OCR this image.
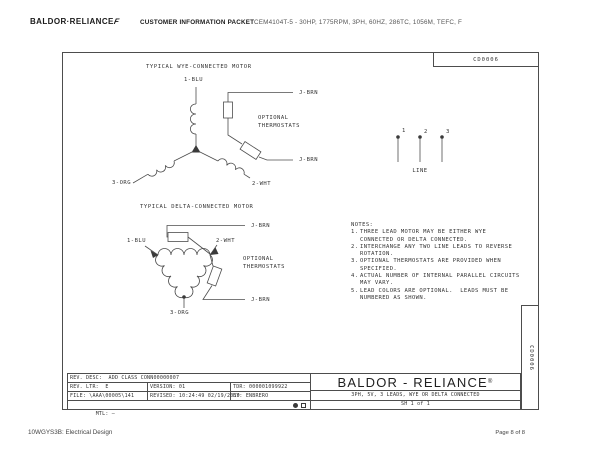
BALDOR·RELIANCEF	CUSTOMER INFORMATION PACKET CEM4104T-5 - 30HP, 1775RPM, 3PH, 60HZ, 286TC, 1056M, TEFC, F
CD0006
CD0006
TYPICAL WYE-CONNECTED MOTOR
1-BLU
J-BRN
OPTIONAL
THERMOSTATS
J-BRN
3-ORG	2-WHT
TYPICAL DELTA-CONNECTED MOTOR
J-BRN
1-BLU	2-WHT
OPTIONAL
THERMOSTATS
J-BRN
3-ORG
1	2	3
LINE
NOTES:
1. THREE LEAD MOTOR MAY BE EITHER WYE
CONNECTED OR DELTA CONNECTED.
2. INTERCHANGE ANY TWO LINE LEADS TO REVERSE
ROTATION.
3. OPTIONAL THERMOSTATS ARE PROVIDED WHEN
SPECIFIED.
4. ACTUAL NUMBER OF INTERNAL PARALLEL CIRCUITS
MAY VARY.
5. LEAD COLORS ARE OPTIONAL.  LEADS MUST BE
NUMBERED AS SHOWN.
REV. DESC:  ADD CLASS CONN00000007
REV. LTR:  E	VERSION: 01	TDR: 000001099922
FILE: \AAA\00005\141	REVISED: 10:24:49 02/19/2019
BY: ENBRERO

MTL: –

BALDOR - RELIANCE ®
3PH, 5V, 3 LEADS, WYE OR DELTA CONNECTED
SH 1 of 1
10WGYS3B: Electrical Design	Page 8 of 8
